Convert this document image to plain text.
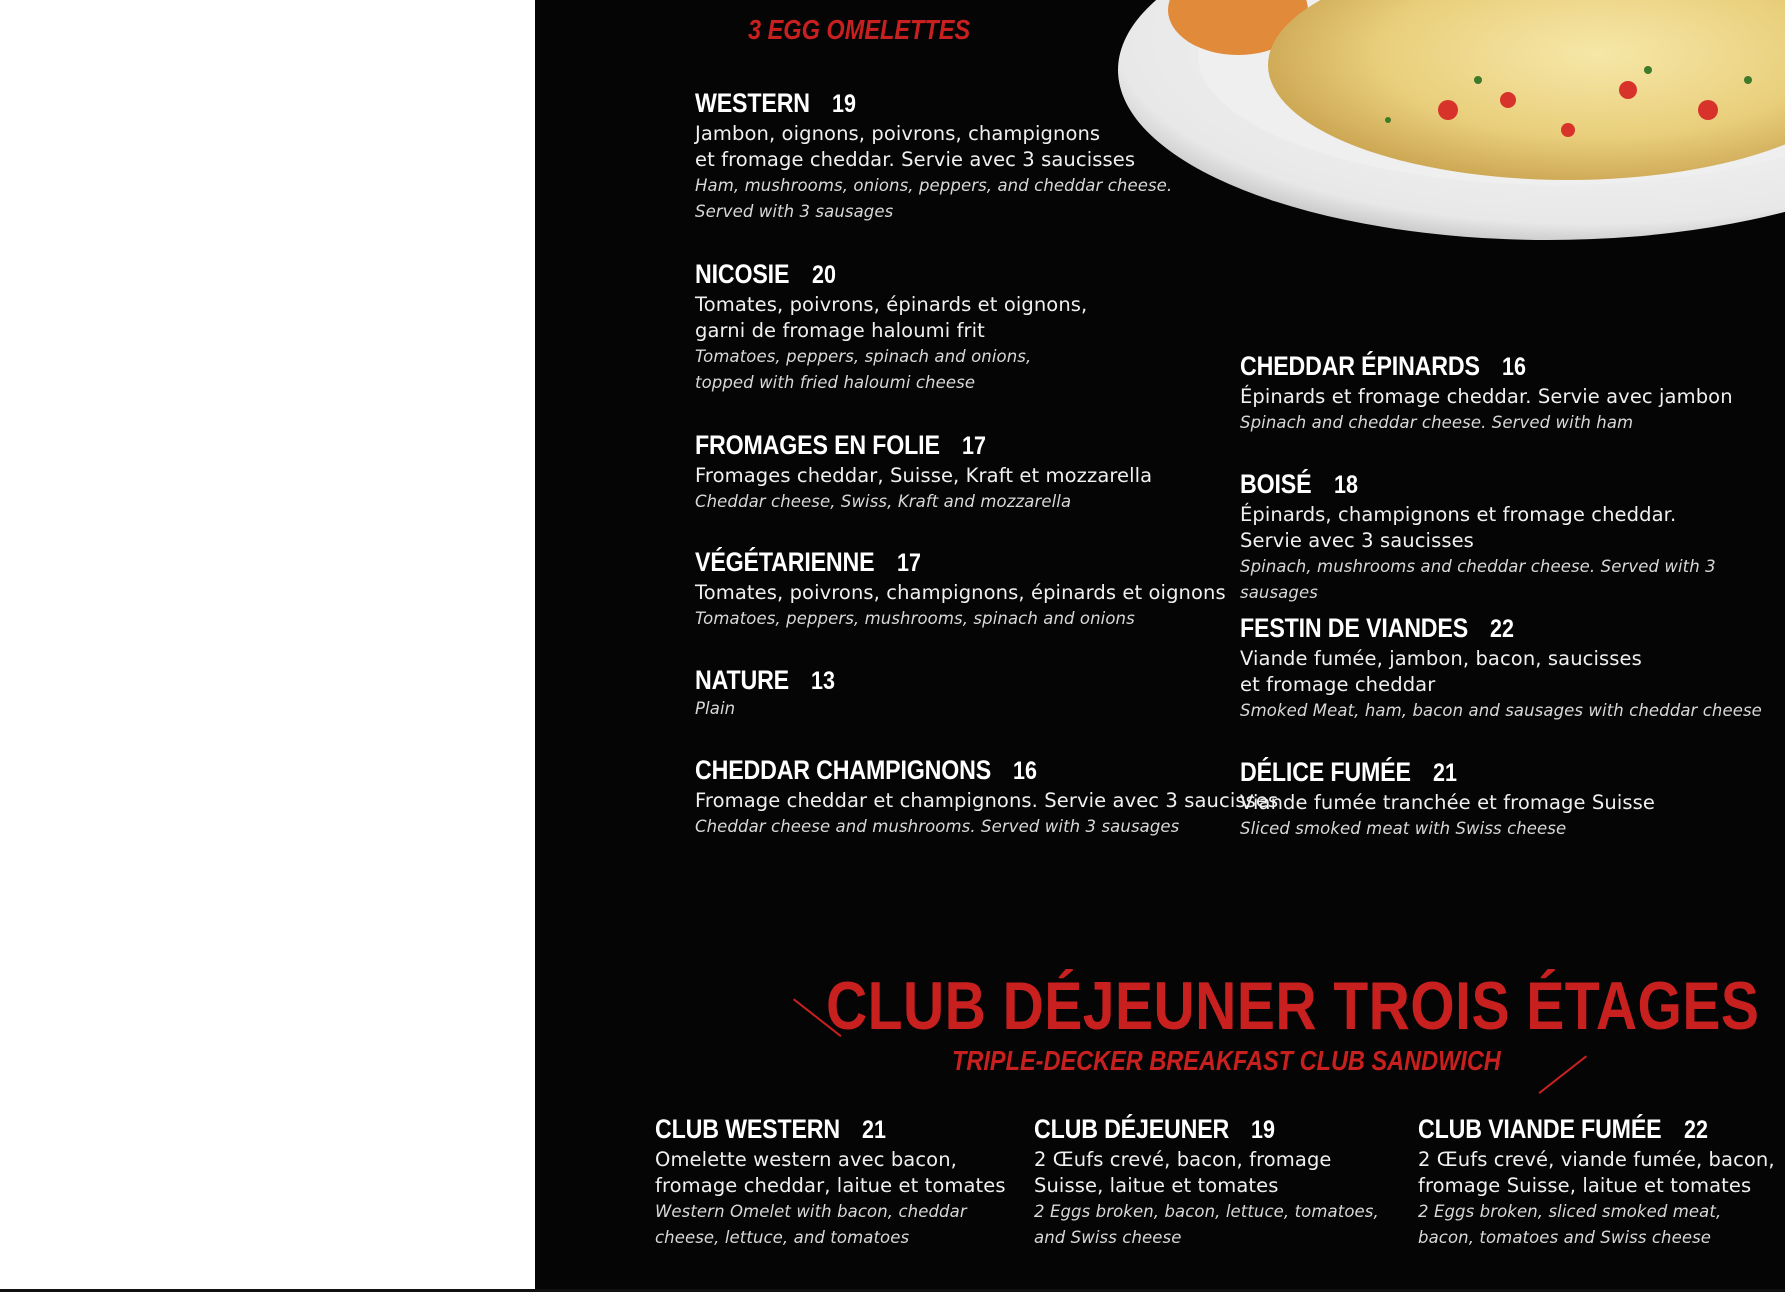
3 EGG OMELETTES
WESTERN 19
Jambon, oignons, poivrons, champignons
et fromage cheddar. Servie avec 3 saucisses
Ham, mushrooms, onions, peppers, and cheddar cheese.
Served with 3 sausages
NICOSIE 20
Tomates, poivrons, épinards et oignons,
garni de fromage haloumi frit
Tomatoes, peppers, spinach and onions,
topped with fried haloumi cheese
FROMAGES EN FOLIE 17
Fromages cheddar, Suisse, Kraft et mozzarella
Cheddar cheese, Swiss, Kraft and mozzarella
VÉGÉTARIENNE 17
Tomates, poivrons, champignons, épinards et oignons
Tomatoes, peppers, mushrooms, spinach and onions
NATURE 13
Plain
CHEDDAR CHAMPIGNONS 16
Fromage cheddar et champignons. Servie avec 3 saucisses
Cheddar cheese and mushrooms. Served with 3 sausages
CHEDDAR ÉPINARDS 16
Épinards et fromage cheddar. Servie avec jambon
Spinach and cheddar cheese. Served with ham
BOISÉ 18
Épinards, champignons et fromage cheddar.
Servie avec 3 saucisses
Spinach, mushrooms and cheddar cheese. Served with 3 sausages
FESTIN DE VIANDES 22
Viande fumée, jambon, bacon, saucisses
et fromage cheddar
Smoked Meat, ham, bacon and sausages with cheddar cheese
DÉLICE FUMÉE 21
Viande fumée tranchée et fromage Suisse
Sliced smoked meat with Swiss cheese
CLUB DÉJEUNER TROIS ÉTAGES
TRIPLE-DECKER BREAKFAST CLUB SANDWICH
CLUB WESTERN 21
Omelette western avec bacon,
fromage cheddar, laitue et tomates
Western Omelet with bacon, cheddar
cheese, lettuce, and tomatoes
CLUB DÉJEUNER 19
2 Œufs crevé, bacon, fromage
Suisse, laitue et tomates
2 Eggs broken, bacon, lettuce, tomatoes,
and Swiss cheese
CLUB VIANDE FUMÉE 22
2 Œufs crevé, viande fumée, bacon,
fromage Suisse, laitue et tomates
2 Eggs broken, sliced smoked meat,
bacon, tomatoes and Swiss cheese
